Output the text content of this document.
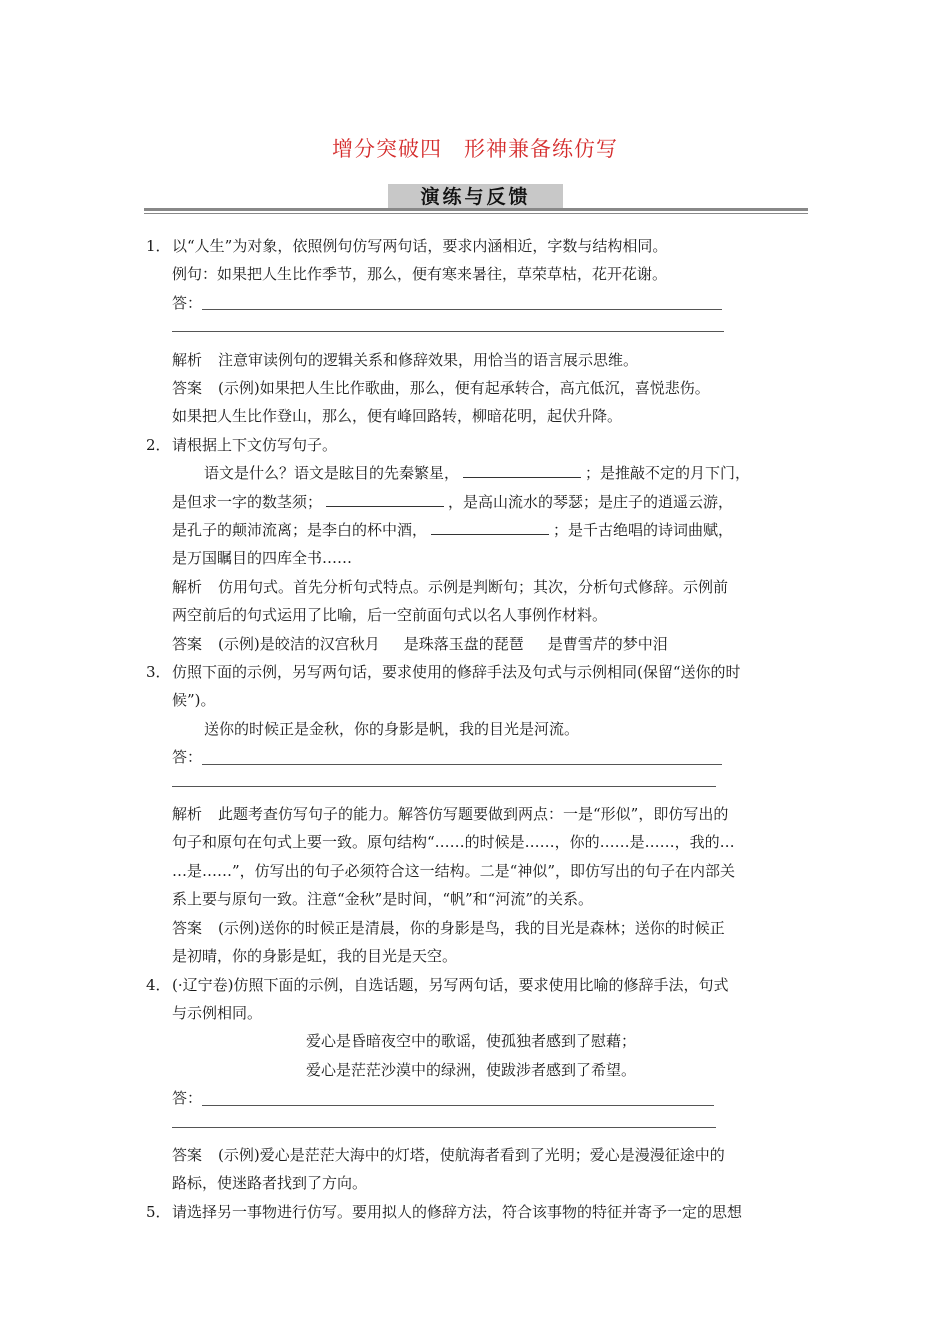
增分突破四　形神兼备练仿写
演练与反馈
1． 以“人生”为对象，依照例句仿写两句话，要求内涵相近，字数与结构相同。
例句：如果把人生比作季节，那么，便有寒来暑往，草荣草枯，花开花谢。
答：
解析 注意审读例句的逻辑关系和修辞效果，用恰当的语言展示思维。
答案 (示例)如果把人生比作歌曲，那么，便有起承转合，高亢低沉，喜悦悲伤。
如果把人生比作登山，那么，便有峰回路转，柳暗花明，起伏升降。
2． 请根据上下文仿写句子。
语文是什么？语文是眩目的先秦繁星，	；是推敲不定的月下门，
是但求一字的数茎须；	，是高山流水的琴瑟；是庄子的逍遥云游，
是孔子的颠沛流离；是李白的杯中酒，	；是千古绝唱的诗词曲赋，
是万国瞩目的四库全书……
解析 仿用句式。首先分析句式特点。示例是判断句；其次，分析句式修辞。示例前
两空前后的句式运用了比喻，后一空前面句式以名人事例作材料。
答案 (示例)是皎洁的汉宫秋月 是珠落玉盘的琵琶 是曹雪芹的梦中泪
3． 仿照下面的示例，另写两句话，要求使用的修辞手法及句式与示例相同(保留“送你的时
候”)。
送你的时候正是金秋，你的身影是帆，我的目光是河流。
答：
解析 此题考查仿写句子的能力。解答仿写题要做到两点：一是“形似”，即仿写出的
句子和原句在句式上要一致。原句结构“……的时候是……，你的……是……，我的…
…是……”，仿写出的句子必须符合这一结构。二是“神似”，即仿写出的句子在内部关
系上要与原句一致。注意“金秋”是时间，“帆”和“河流”的关系。
答案 (示例)送你的时候正是清晨，你的身影是鸟，我的目光是森林；送你的时候正
是初晴，你的身影是虹，我的目光是天空。
4． (·辽宁卷)仿照下面的示例，自选话题，另写两句话，要求使用比喻的修辞手法，句式
与示例相同。
爱心是昏暗夜空中的歌谣，使孤独者感到了慰藉；
爱心是茫茫沙漠中的绿洲，使跋涉者感到了希望。
答：
答案 (示例)爱心是茫茫大海中的灯塔，使航海者看到了光明；爱心是漫漫征途中的
路标，使迷路者找到了方向。
5． 请选择另一事物进行仿写。要用拟人的修辞方法，符合该事物的特征并寄予一定的思想
